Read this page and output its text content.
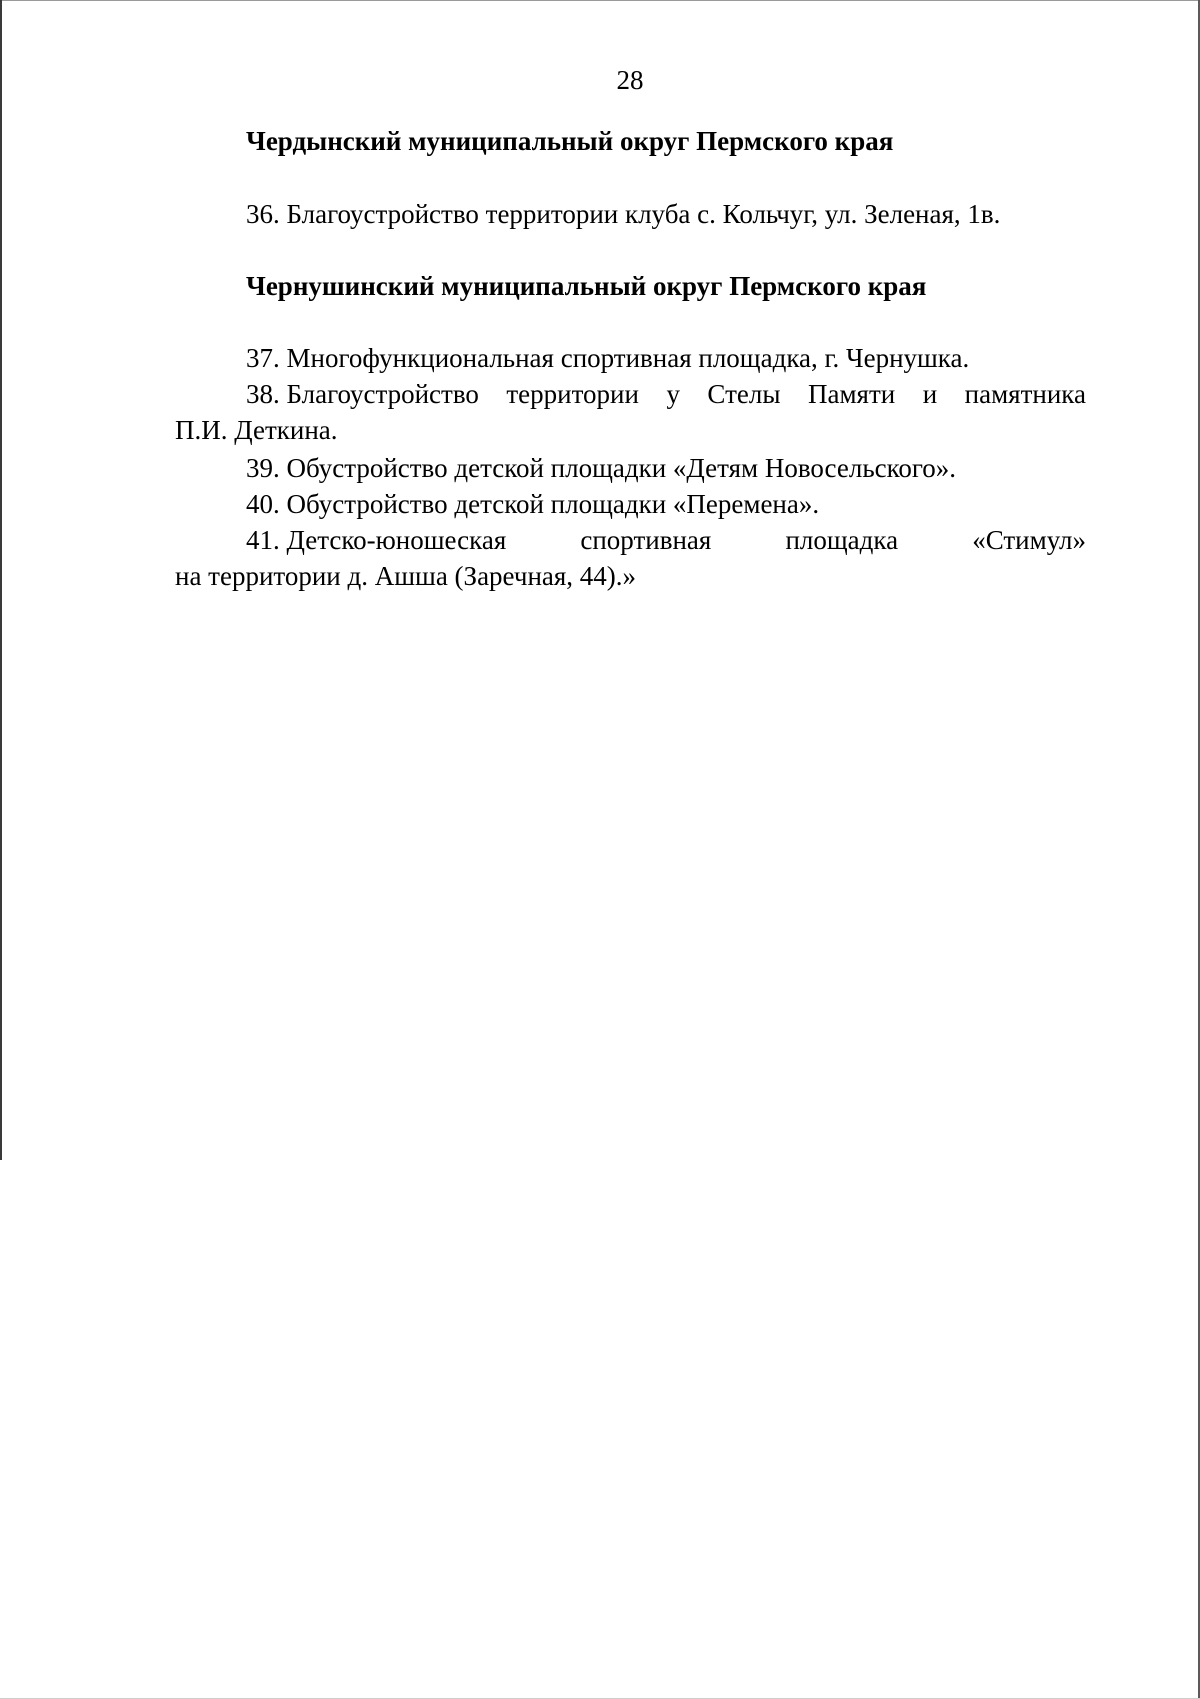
28
Чердынский муниципальный округ Пермского края
36. Благоустройство территории клуба с. Кольчуг, ул. Зеленая, 1в.
Чернушинский муниципальный округ Пермского края
37. Многофункциональная спортивная площадка, г. Чернушка.
38. Благоустройство территории у Стелы Памяти и памятника
П.И. Деткина.
39. Обустройство детской площадки «Детям Новосельского».
40. Обустройство детской площадки «Перемена».
41. Детско-юношеская	спортивная	площадка	«Стимул»
на территории д. Ашша (Заречная, 44).»
